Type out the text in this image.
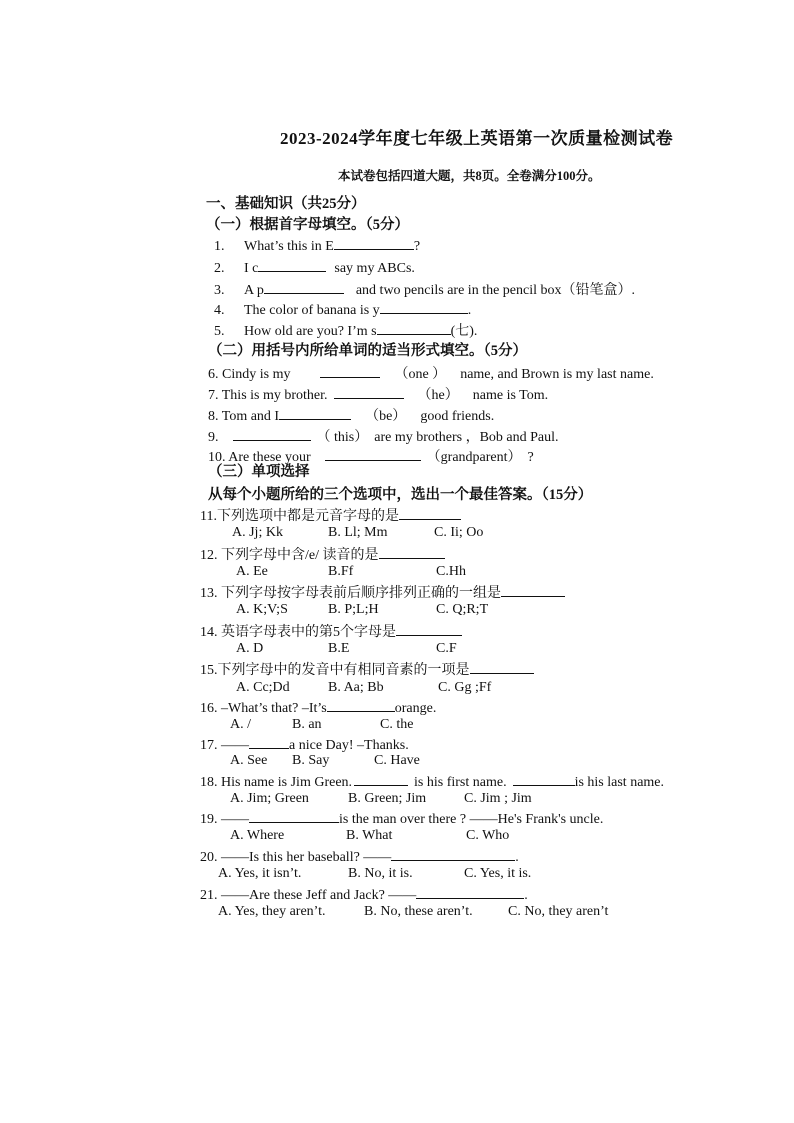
2023-2024学年度七年级上英语第一次质量检测试卷
本试卷包括四道大题，共8页。全卷满分100分。
一、基础知识（共25分）
（一）根据首字母填空。（5分）
1. What’s this in E	?
2. I c	say my ABCs.
3. A p	and two pencils are in the pencil box（铅笔盒）.
4. The color of banana is y	.
5. How old are you? I’m s	(七).
（二）用括号内所给单词的适当形式填空。（5分）
6. Cindy is my	（one ） name, and Brown is my last name.
7. This is my brother.	（he） name is Tom.
8. Tom and I	（be） good friends.
9.	（ this） are my brothers ，Bob and Paul.
10. Are these your	（grandparent） ?
（三）单项选择
从每个小题所给的三个选项中，选出一个最佳答案。（15分）
11.下列选项中都是元音字母的是
A. Jj; Kk	B. Ll; Mm	C. Ii; Oo
12. 下列字母中含/e/ 读音的是
A. Ee	B.Ff	C.Hh
13. 下列字母按字母表前后顺序排列正确的一组是
A. K;V;S	B. P;L;H	C. Q;R;T
14. 英语字母表中的第5个字母是
A. D	B.E	C.F
15.下列字母中的发音中有相同音素的一项是
A. Cc;Dd	B. Aa; Bb	C. Gg ;Ff
16. –What’s that? –It’s	orange.
A. /	B. an	C. the
17. ——	a nice Day! –Thanks.
A. See B. Say	C. Have
18. His name is Jim Green.	is his first name.	is his last name.
A. Jim; Green	B. Green; Jim	C. Jim ; Jim
19. ——	is the man over there ? ——He's Frank's uncle.
A. Where	B. What	C. Who
20. ——Is this her baseball? ——	.
A. Yes, it isn’t.	B. No, it is.	C. Yes, it is.
21. ——Are these Jeff and Jack? ——	.
A. Yes, they aren’t.	B. No, these aren’t.	C. No, they aren’t
